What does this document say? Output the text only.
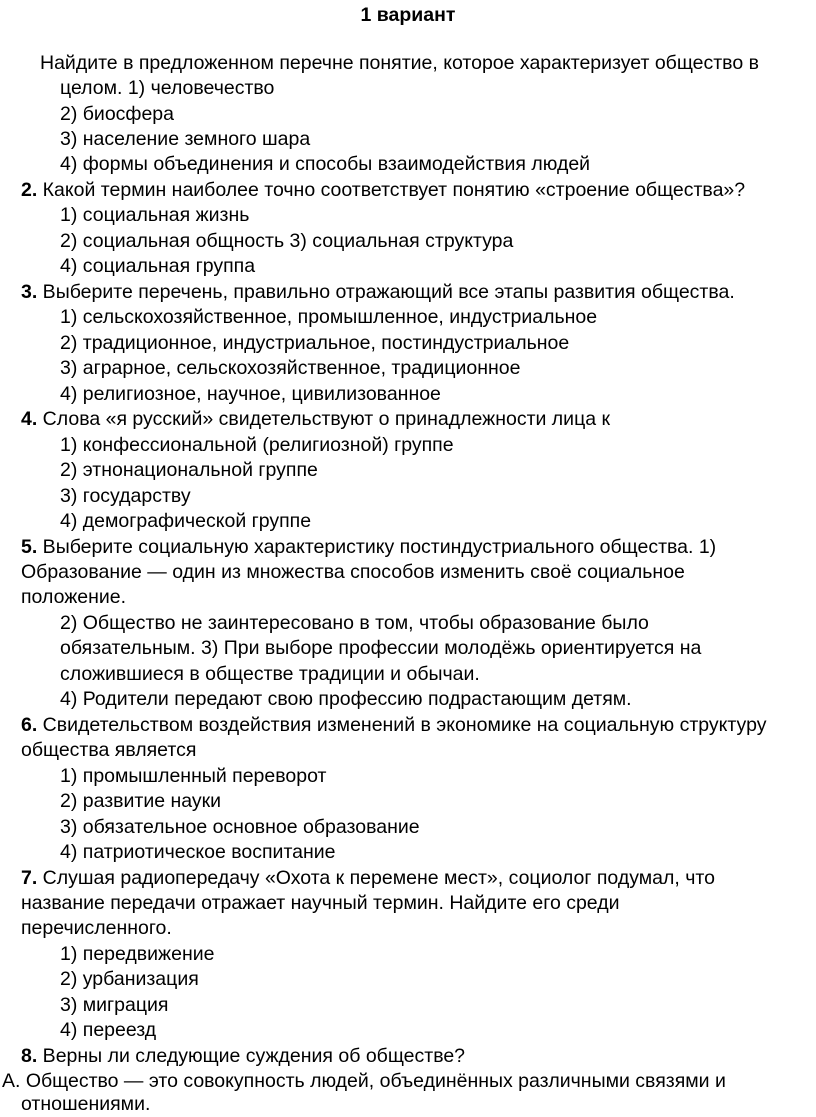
1 вариант
Найдите в предложенном перечне понятие, которое характеризует общество в
целом. 1) человечество
2) биосфера
3) население земного шара
4) формы объединения и способы взаимодействия людей
2. Какой термин наиболее точно соответствует понятию «строение общества»?
1) социальная жизнь
2) социальная общность 3) социальная структура
4) социальная группа
3. Выберите перечень, правильно отражающий все этапы развития общества.
1) сельскохозяйственное, промышленное, индустриальное
2) традиционное, индустриальное, постиндустриальное
3) аграрное, сельскохозяйственное, традиционное
4) религиозное, научное, цивилизованное
4. Слова «я русский» свидетельствуют о принадлежности лица к
1) конфессиональной (религиозной) группе
2) этнонациональной группе
3) государству
4) демографической группе
5. Выберите социальную характеристику постиндустриального общества. 1)
Образование — один из множества способов изменить своё социальное
положение.
2) Общество не заинтересовано в том, чтобы образование было
обязательным. 3) При выборе профессии молодёжь ориентируется на
сложившиеся в обществе традиции и обычаи.
4) Родители передают свою профессию подрастающим детям.
6. Свидетельством воздействия изменений в экономике на социальную структуру
общества является
1) промышленный переворот
2) развитие науки
3) обязательное основное образование
4) патриотическое воспитание
7. Слушая радиопередачу «Охота к перемене мест», социолог подумал, что
название передачи отражает научный термин. Найдите его среди
перечисленного.
1) передвижение
2) урбанизация
3) миграция
4) переезд
8. Верны ли следующие суждения об обществе?
А. Общество — это совокупность людей, объединённых различными связями и
отношениями.
